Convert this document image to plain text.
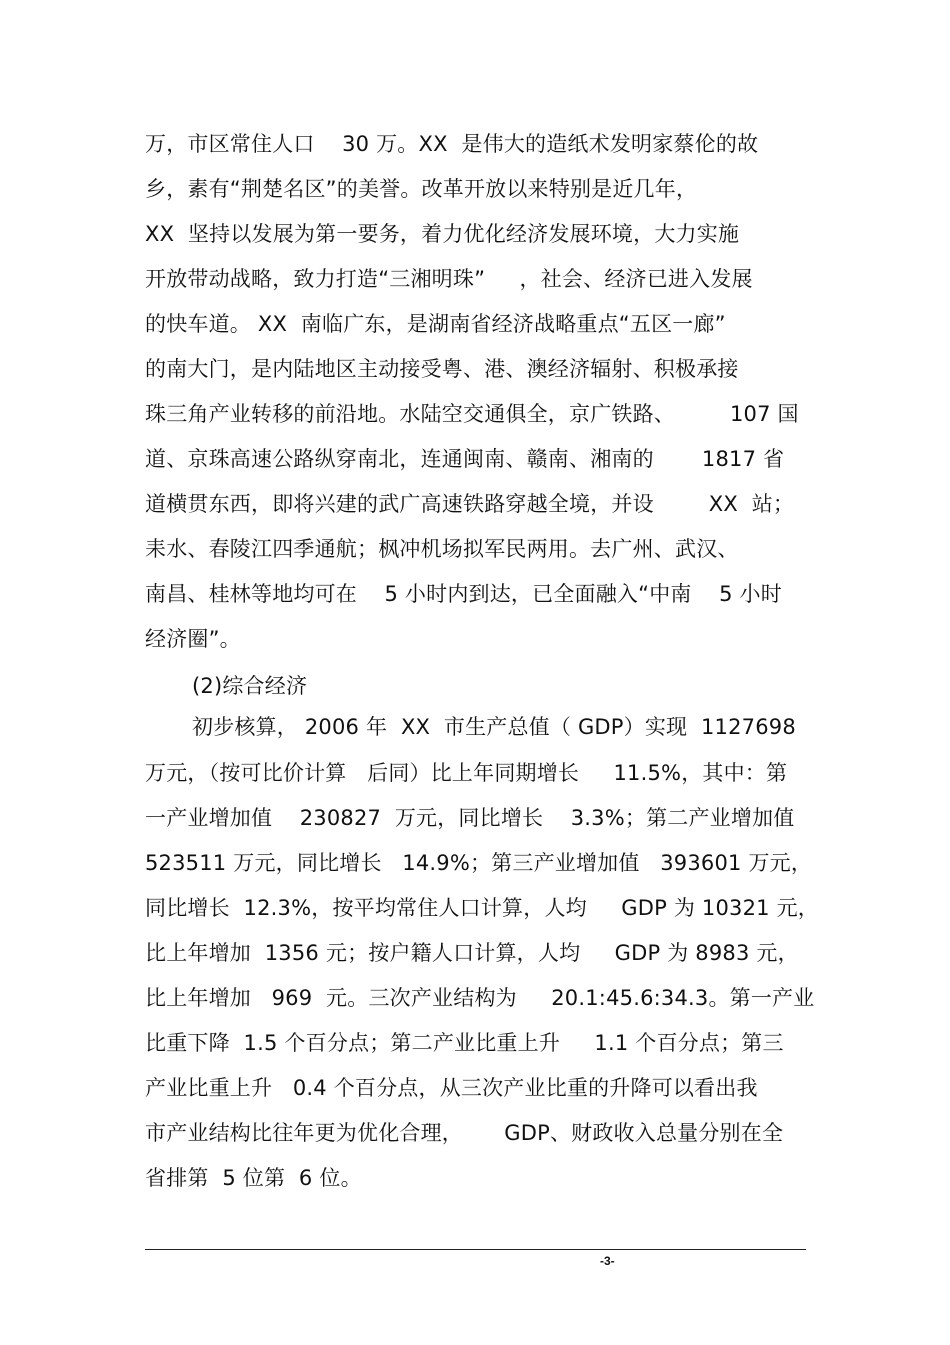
万，市区常住人口    30 万。XX  是伟大的造纸术发明家蔡伦的故
乡，素有“荆楚名区”的美誉。改革开放以来特别是近几年，
XX  坚持以发展为第一要务，着力优化经济发展环境，大力实施
开放带动战略，致力打造“三湘明珠”     ，社会、经济已进入发展
的快车道。 XX  南临广东，是湖南省经济战略重点“五区一廊”
的南大门，是内陆地区主动接受粤、港、澳经济辐射、积极承接
珠三角产业转移的前沿地。水陆空交通俱全，京广铁路、        107 国
道、京珠高速公路纵穿南北，连通闽南、赣南、湘南的       1817 省
道横贯东西，即将兴建的武广高速铁路穿越全境，并设        XX  站；
耒水、春陵江四季通航；枫冲机场拟军民两用。去广州、武汉、
南昌、桂林等地均可在    5 小时内到达，已全面融入“中南    5 小时
经济圈”。
(2)综合经济
初步核算， 2006 年  XX  市生产总值（ GDP）实现  1127698
万元，（按可比价计算   后同）比上年同期增长     11.5%，其中：第
一产业增加值    230827  万元，同比增长    3.3%；第二产业增加值
523511 万元，同比增长   14.9%；第三产业增加值   393601 万元，
同比增长  12.3%，按平均常住人口计算，人均     GDP 为 10321 元，
比上年增加  1356 元；按户籍人口计算，人均     GDP 为 8983 元，
比上年增加   969  元。三次产业结构为     20.1:45.6:34.3。第一产业
比重下降  1.5 个百分点；第二产业比重上升     1.1 个百分点；第三
产业比重上升   0.4 个百分点，从三次产业比重的升降可以看出我
市产业结构比往年更为优化合理，      GDP、财政收入总量分别在全
省排第  5 位第  6 位。
-3-
